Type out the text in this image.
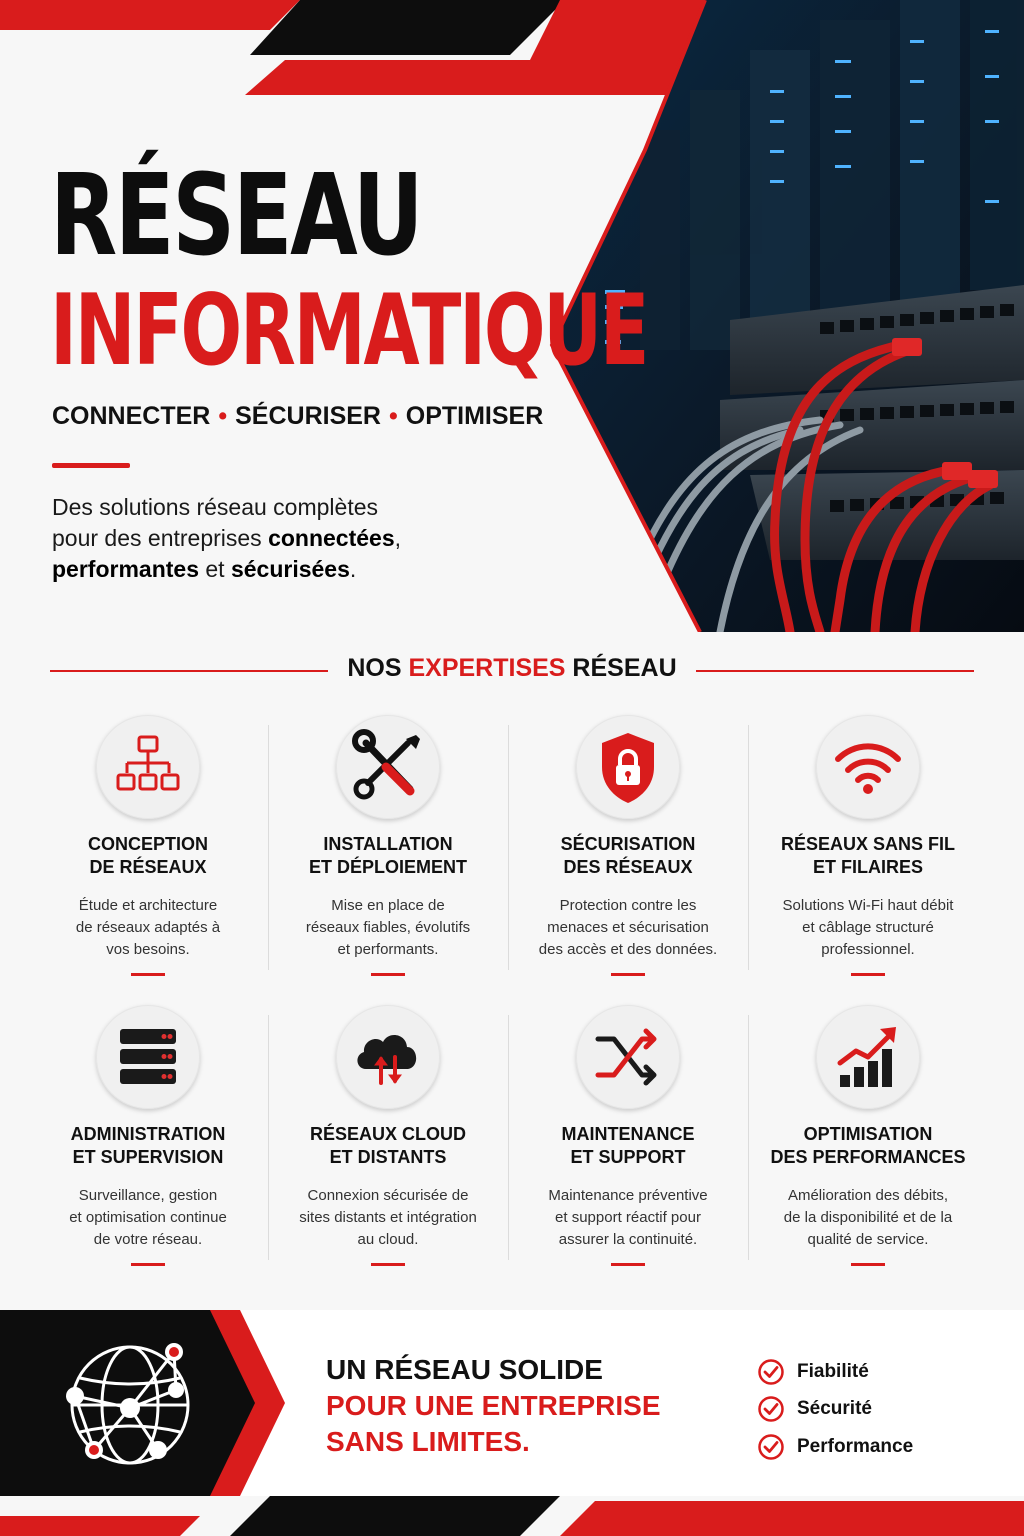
RÉSEAU
INFORMATIQUE
CONNECTER • SÉCURISER • OPTIMISER
Des solutions réseau complètes
pour des entreprises connectées,
performantes et sécurisées.
NOS EXPERTISES RÉSEAU
CONCEPTION
DE RÉSEAUX
Étude et architecture
de réseaux adaptés à
vos besoins.
INSTALLATION
ET DÉPLOIEMENT
Mise en place de
réseaux fiables, évolutifs
et performants.
SÉCURISATION
DES RÉSEAUX
Protection contre les
menaces et sécurisation
des accès et des données.
RÉSEAUX SANS FIL
ET FILAIRES
Solutions Wi-Fi haut débit
et câblage structuré
professionnel.
ADMINISTRATION
ET SUPERVISION
Surveillance, gestion
et optimisation continue
de votre réseau.
RÉSEAUX CLOUD
ET DISTANTS
Connexion sécurisée de
sites distants et intégration
au cloud.
MAINTENANCE
ET SUPPORT
Maintenance préventive
et support réactif pour
assurer la continuité.
OPTIMISATION
DES PERFORMANCES
Amélioration des débits,
de la disponibilité et de la
qualité de service.
UN RÉSEAU SOLIDE
POUR UNE ENTREPRISE
SANS LIMITES.
Fiabilité
Sécurité
Performance
